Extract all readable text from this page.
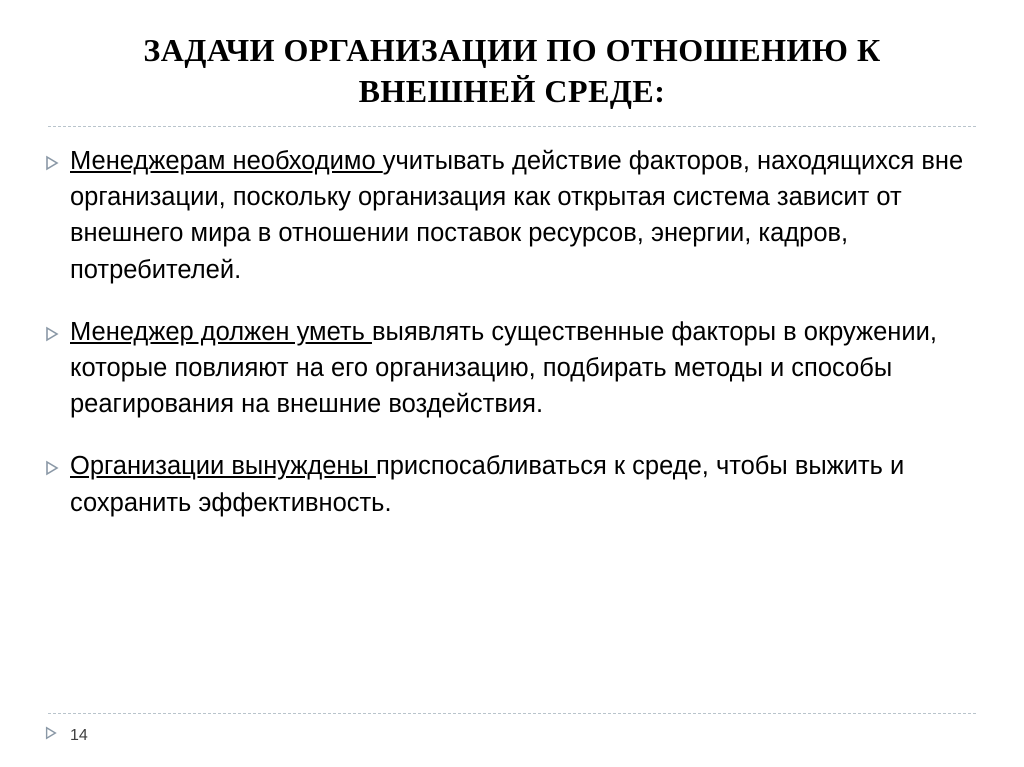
ЗАДАЧИ ОРГАНИЗАЦИИ ПО ОТНОШЕНИЮ К ВНЕШНЕЙ СРЕДЕ:
Менеджерам необходимо учитывать действие факторов, находящихся вне организации, поскольку организация как открытая система зависит от внешнего мира в отношении поставок ресурсов, энергии, кадров, потребителей.
Менеджер должен уметь выявлять существенные факторы в окружении, которые повлияют на его организацию, подбирать методы и способы реагирования на внешние воздействия.
Организации вынуждены приспосабливаться к среде, чтобы выжить и сохранить эффективность.
14
